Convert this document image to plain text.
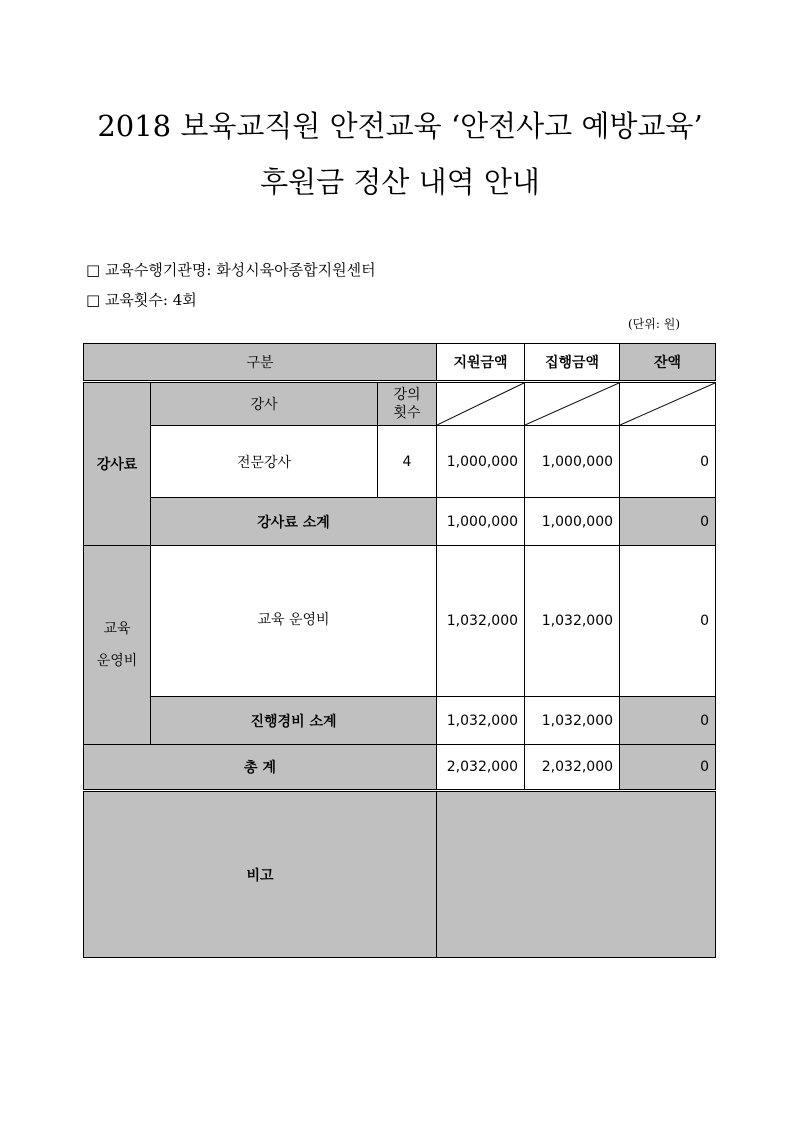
2018 보육교직원 안전교육 ‘안전사고 예방교육’
후원금 정산 내역 안내
□ 교육수행기관명: 화성시육아종합지원센터
□ 교육횟수: 4회
(단위: 원)
구분			지원금액	집행금액	잔액
강사료	강사	강의
횟수

	전문강사	4	1,000,000	1,000,000	0
	강사료 소계		1,000,000	1,000,000	0

교육
운영비	교육 운영비		1,032,000	1,032,000	0
	진행경비 소계		1,032,000	1,032,000	0
총 계			2,032,000	2,032,000	0
비고					
